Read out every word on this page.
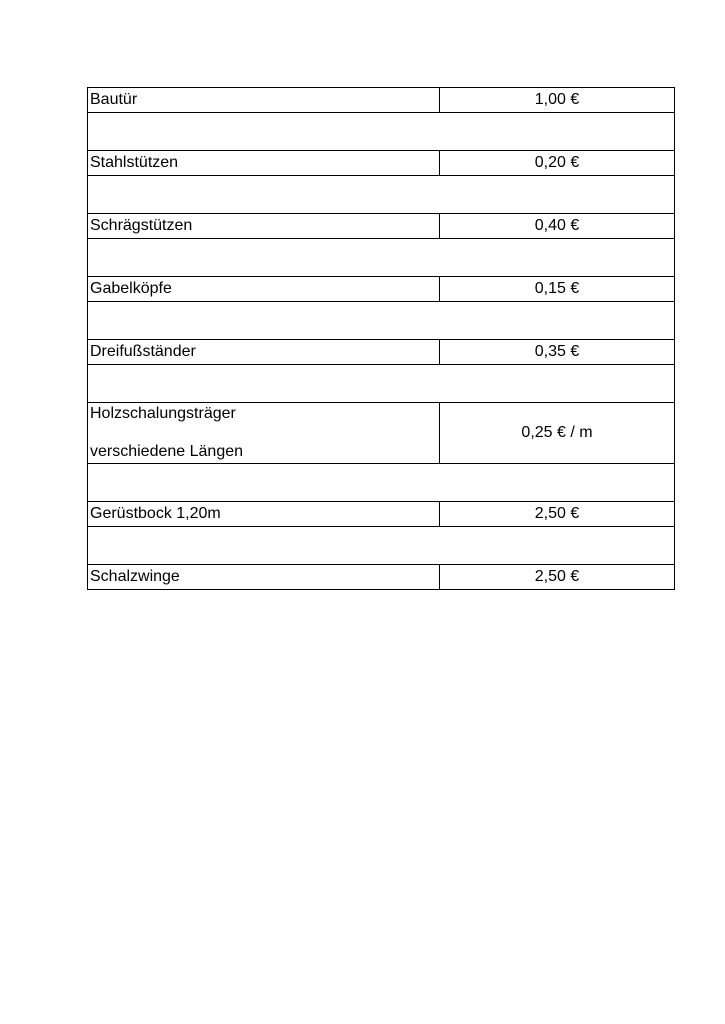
Bautür	1,00 €

Stahlstützen	0,20 €

Schrägstützen	0,40 €

Gabelköpfe	0,15 €

Dreifußständer	0,35 €

Holzschalungsträger
verschiedene Längen	0,25 € / m

Gerüstbock 1,20m	2,50 €

Schalzwinge	2,50 €
